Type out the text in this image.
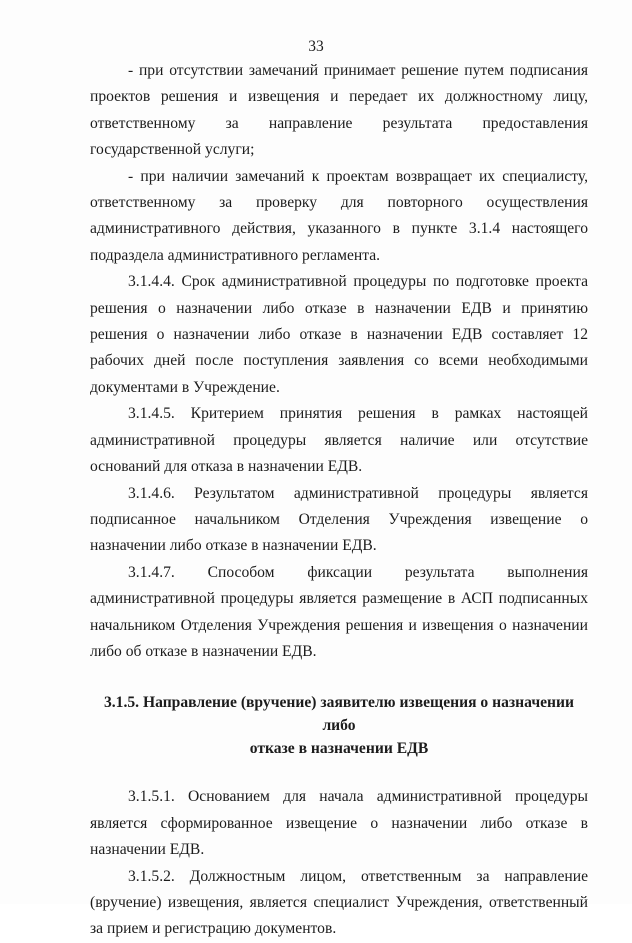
33

- при отсутствии замечаний принимает решение путем подписания проектов решения и извещения и передает их должностному лицу, ответственному за направление результата предоставления государственной услуги;

- при наличии замечаний к проектам возвращает их специалисту, ответственному за проверку для повторного осуществления административного действия, указанного в пункте 3.1.4 настоящего подраздела административного регламента.

3.1.4.4. Срок административной процедуры по подготовке проекта решения о назначении либо отказе в назначении ЕДВ и принятию решения о назначении либо отказе в назначении ЕДВ составляет 12 рабочих дней после поступления заявления со всеми необходимыми документами в Учреждение.

3.1.4.5. Критерием принятия решения в рамках настоящей административной процедуры является наличие или отсутствие оснований для отказа в назначении ЕДВ.

3.1.4.6. Результатом административной процедуры является подписанное начальником Отделения Учреждения извещение о назначении либо отказе в назначении ЕДВ.

3.1.4.7. Способом фиксации результата выполнения административной процедуры является размещение в АСП подписанных начальником Отделения Учреждения решения и извещения о назначении либо об отказе в назначении ЕДВ.

3.1.5. Направление (вручение) заявителю извещения о назначении либо
отказе в назначении ЕДВ

3.1.5.1. Основанием для начала административной процедуры является сформированное извещение о назначении либо отказе в назначении ЕДВ.

3.1.5.2. Должностным лицом, ответственным за направление (вручение) извещения, является специалист Учреждения, ответственный за прием и регистрацию документов.
